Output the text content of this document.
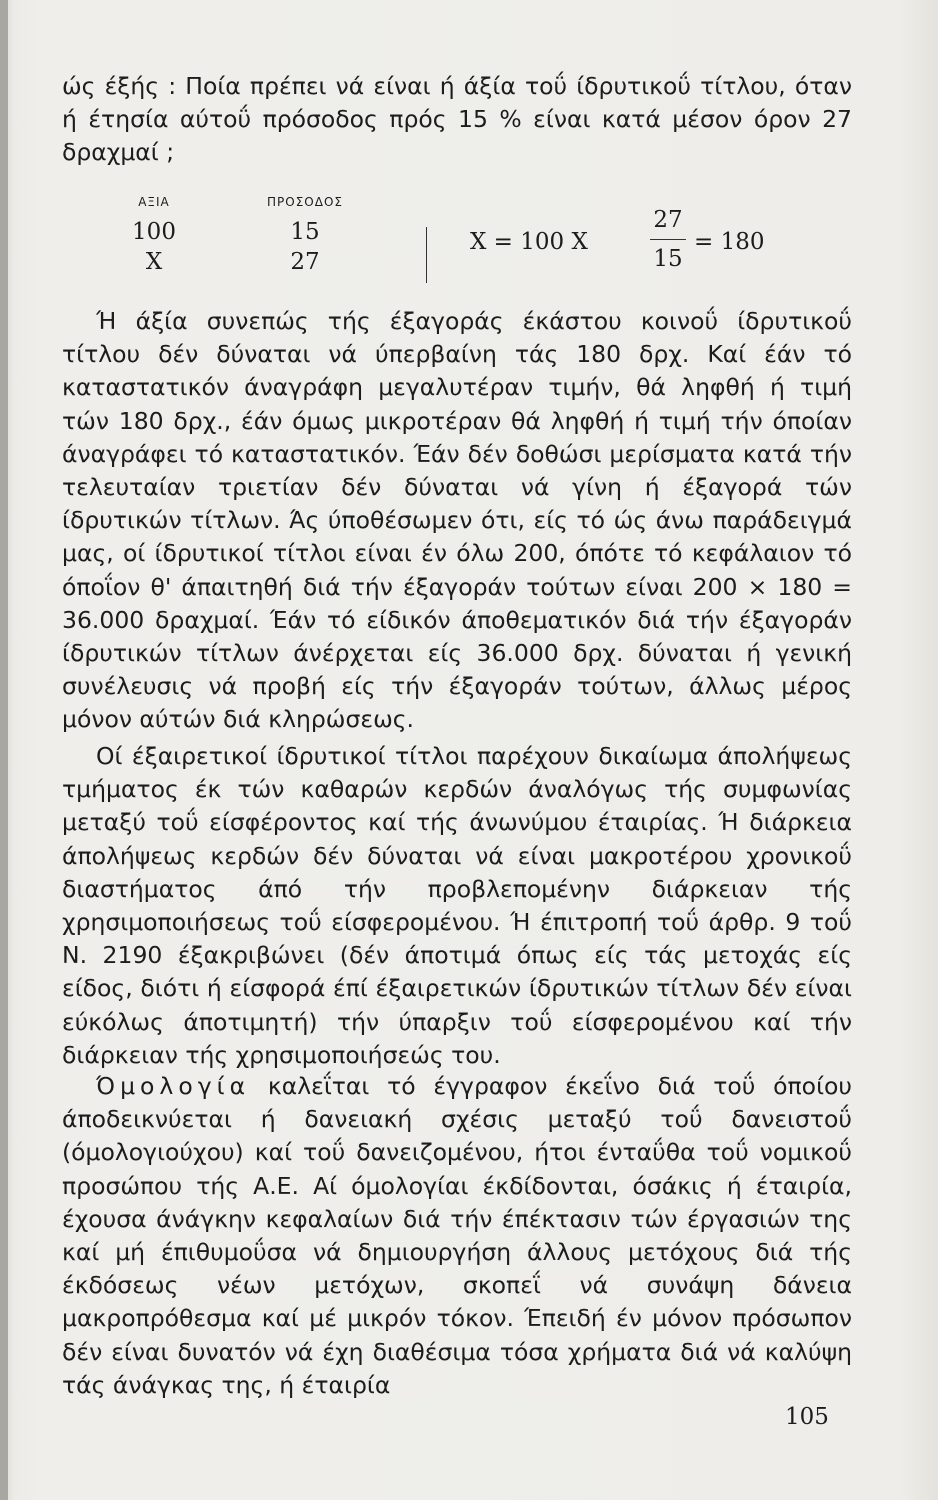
ώς έξής : Ποία πρέπει νά είναι ή άξία τοΰ ίδρυτικοΰ τίτλου, όταν ή έτησία αύτοΰ πρόσοδος πρός 15 % είναι κατά μέσον όρον 27 δραχμαί ;

ΑΞΙΑ
100
X
ΠΡΟΣΟΔΟΣ
15
27
X = 100 X
27
15
= 180

Ή άξία συνεπώς τής έξαγοράς έκάστου κοινοΰ ίδρυτικοΰ τίτλου δέν δύναται νά ύπερβαίνη τάς 180 δρχ. Καί έάν τό καταστατικόν άναγράφη μεγαλυτέραν τιμήν, θά ληφθή ή τιμή τών 180 δρχ., έάν όμως μικροτέραν θά ληφθή ή τιμή τήν όποίαν άναγράφει τό καταστατικόν. Έάν δέν δοθώσι μερίσματα κατά τήν τελευταίαν τριετίαν δέν δύναται νά γίνη ή έξαγορά τών ίδρυτικών τίτλων. Άς ύποθέσωμεν ότι, είς τό ώς άνω παράδειγμά μας, οί ίδρυτικοί τίτλοι είναι έν όλω 200, όπότε τό κεφάλαιον τό όποΐον θ' άπαιτηθή διά τήν έξαγοράν τούτων είναι 200 × 180 = 36.000 δραχμαί. Έάν τό είδικόν άποθεματικόν διά τήν έξαγοράν ίδρυτικών τίτλων άνέρχεται είς 36.000 δρχ. δύναται ή γενική συνέλευσις νά προβή είς τήν έξαγοράν τούτων, άλλως μέρος μόνον αύτών διά κληρώσεως.

Οί έξαιρετικοί ίδρυτικοί τίτλοι παρέχουν δικαίωμα άπολήψεως τμήματος έκ τών καθαρών κερδών άναλόγως τής συμφωνίας μεταξύ τοΰ είσφέροντος καί τής άνωνύμου έταιρίας. Ή διάρκεια άπολήψεως κερδών δέν δύναται νά είναι μακροτέρου χρονικοΰ διαστήματος άπό τήν προβλεπομένην διάρκειαν τής χρησιμοποιήσεως τοΰ είσφερομένου. Ή έπιτροπή τοΰ άρθρ. 9 τοΰ Ν. 2190 έξακριβώνει (δέν άποτιμά όπως είς τάς μετοχάς είς είδος, διότι ή είσφορά έπί έξαιρετικών ίδρυτικών τίτλων δέν είναι εύκόλως άποτιμητή) τήν ύπαρξιν τοΰ είσφερομένου καί τήν διάρκειαν τής χρησιμοποιήσεώς του.

Όμολογία καλεΐται τό έγγραφον έκεΐνο διά τοΰ όποίου άποδεικνύεται ή δανειακή σχέσις μεταξύ τοΰ δανειστοΰ (όμολογιούχου) καί τοΰ δανειζομένου, ήτοι ένταΰθα τοΰ νομικοΰ προσώπου τής Α.Ε. Αί όμολογίαι έκδίδονται, όσάκις ή έταιρία, έχουσα άνάγκην κεφαλαίων διά τήν έπέκτασιν τών έργασιών της καί μή έπιθυμοΰσα νά δημιουργήση άλλους μετόχους διά τής έκδόσεως νέων μετόχων, σκοπεΐ νά συνάψη δάνεια μακροπρόθεσμα καί μέ μικρόν τόκον. Έπειδή έν μόνον πρόσωπον δέν είναι δυνατόν νά έχη διαθέσιμα τόσα χρήματα διά νά καλύψη τάς άνάγκας της, ή έταιρία

105
